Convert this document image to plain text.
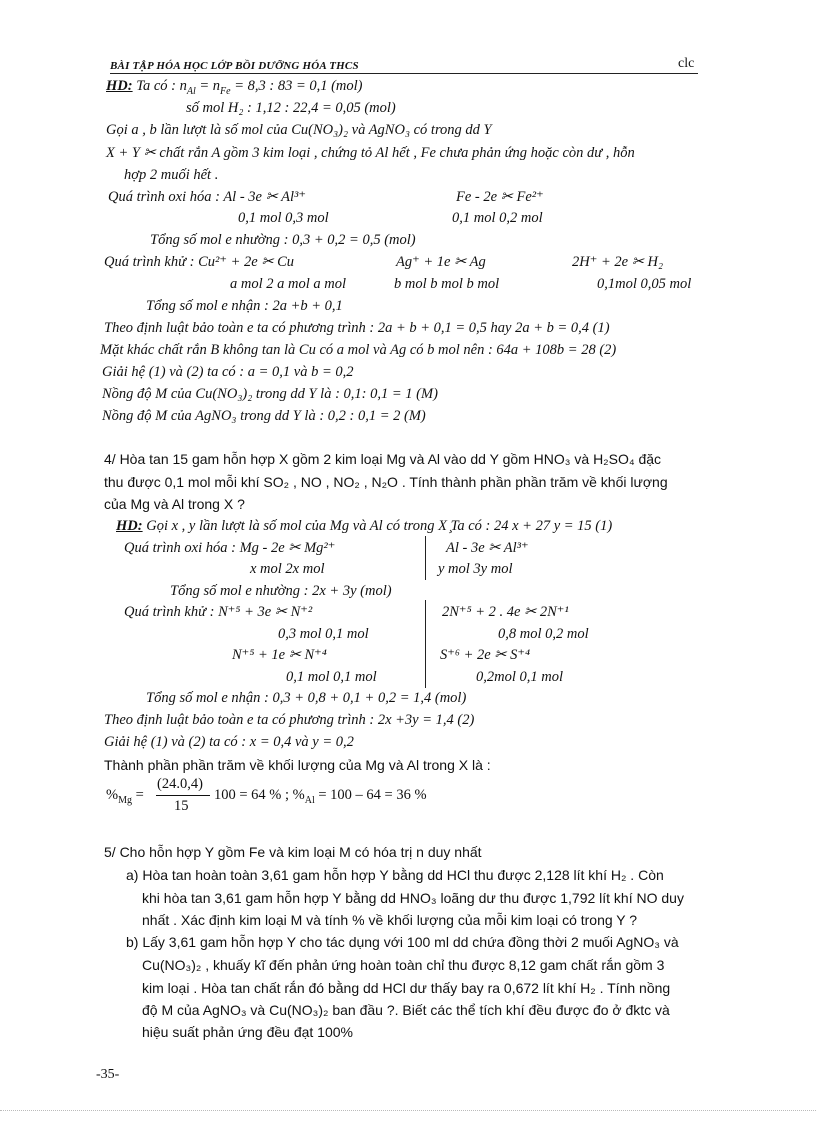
BÀI TẬP HÓA HỌC LỚP BỒI DƯỠNG HÓA THCS	clc
HD: Ta có : $n_{Al} = n_{Fe} = 8,3$ : 83 = 0,1 (mol)
số mol H₂ : 1,12 : 22,4 = 0,05 (mol)
Gọi a , b lần lượt là số mol của Cu(NO₃)₂ và AgNO₃ có trong dd Y
X + Y ✂ chất rắn A gồm 3 kim loại , chứng tỏ Al hết , Fe chưa phản ứng hoặc còn dư , hỗn
hợp 2 muối hết .
Quá trình oxi hóa : Al - 3e ✂ Al³⁺	Fe - 2e ✂ Fe²⁺
0,1 mol 0,3 mol	0,1 mol 0,2 mol
Tổng số mol e nhường : 0,3 + 0,2 = 0,5 (mol)
Quá trình khử : Cu²⁺ + 2e ✂ Cu	Ag⁺ + 1e ✂ Ag	2H⁺ + 2e ✂ H₂
a mol 2 a mol a mol	b mol b mol b mol	0,1mol 0,05 mol
Tổng số mol e nhận : 2a +b + 0,1
Theo định luật bảo toàn e ta có phương trình : 2a + b + 0,1 = 0,5 hay 2a + b = 0,4 (1)
Mặt khác chất rắn B không tan là Cu có a mol và Ag có b mol nên : 64a + 108b = 28 (2)
Giải hệ (1) và (2) ta có : a = 0,1 và b = 0,2
Nồng độ M của Cu(NO₃)₂ trong dd Y là : 0,1: 0,1 = 1 (M)
Nồng độ M của AgNO₃ trong dd Y là : 0,2 : 0,1 = 2 (M)
4/ Hòa tan 15 gam hỗn hợp X gồm 2 kim loại Mg và Al vào dd Y gồm HNO₃ và H₂SO₄ đặc
thu được 0,1 mol mỗi khí SO₂ , NO , NO₂ , N₂O . Tính thành phần phần trăm về khối lượng
của Mg và Al trong X ?
HD: Gọi x , y lần lượt là số mol của Mg và Al có trong X ̧Ta có : 24 x + 27 y = 15 (1)
Quá trình oxi hóa : Mg - 2e ✂ Mg²⁺	Al - 3e ✂ Al³⁺
x mol 2x mol	y mol 3y mol
Tổng số mol e nhường : 2x + 3y (mol)
Quá trình khử : N⁺⁵ + 3e ✂ N⁺²	2N⁺⁵ + 2 . 4e ✂ 2N⁺¹
0,3 mol 0,1 mol	0,8 mol 0,2 mol
N⁺⁵ + 1e ✂ N⁺⁴	S⁺⁶ + 2e ✂ S⁺⁴
0,1 mol 0,1 mol	0,2mol 0,1 mol
Tổng số mol e nhận : 0,3 + 0,8 + 0,1 + 0,2 = 1,4 (mol)
Theo định luật bảo toàn e ta có phương trình : 2x +3y = 1,4 (2)
Giải hệ (1) và (2) ta có : x = 0,4 và y = 0,2
Thành phần phần trăm về khối lượng của Mg và Al trong X là :
$\%_{Mg}$ =
(24.0,4)
15
100 = 64 % ; $\%_{Al} = 100 - 64 = 36$ %
5/ Cho hỗn hợp Y gồm Fe và kim loại M có hóa trị n duy nhất
a) Hòa tan hoàn toàn 3,61 gam hỗn hợp Y bằng dd HCl thu được 2,128 lít khí H₂ . Còn
khi hòa tan 3,61 gam hỗn hợp Y bằng dd HNO₃ loãng dư thu được 1,792 lít khí NO duy
nhất . Xác định kim loại M và tính % về khối lượng của mỗi kim loại có trong Y ?
b) Lấy 3,61 gam hỗn hợp Y cho tác dụng với 100 ml dd chứa đồng thời 2 muối AgNO₃ và
Cu(NO₃)₂ , khuấy kĩ đến phản ứng hoàn toàn chỉ thu được 8,12 gam chất rắn gồm 3
kim loại . Hòa tan chất rắn đó bằng dd HCl dư thấy bay ra 0,672 lít khí H₂ . Tính nồng
độ M của AgNO₃ và Cu(NO₃)₂ ban đầu ?. Biết các thể tích khí đều được đo ở đktc và
hiệu suất phản ứng đều đạt 100%
-35-
